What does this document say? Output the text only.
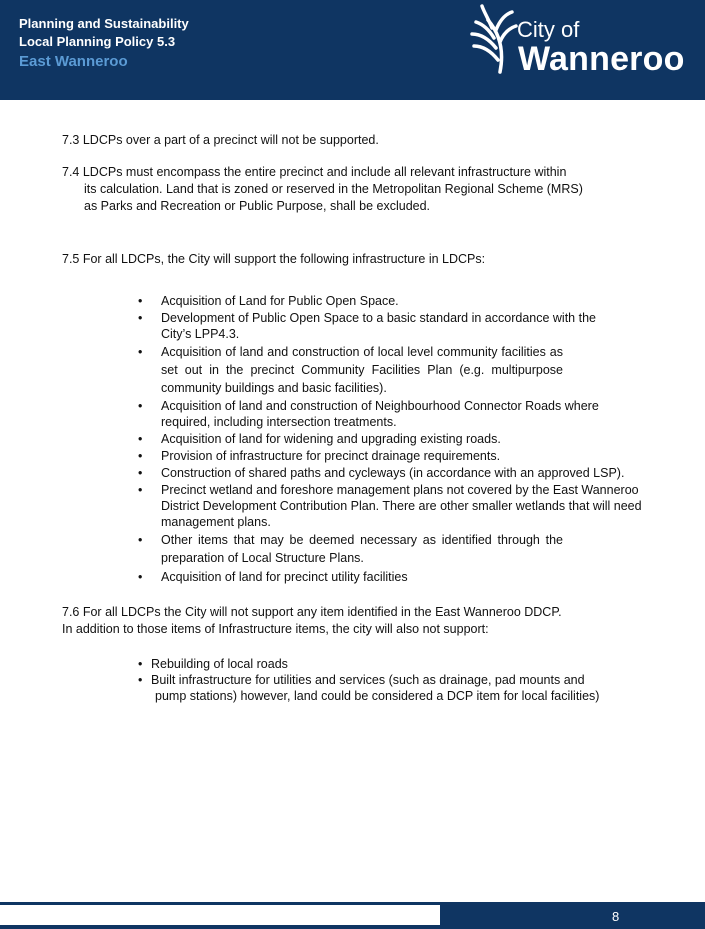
Planning and Sustainability
Local Planning Policy 5.3
East Wanneroo
City of
Wanneroo
7.3 LDCPs over a part of a precinct will not be supported.
7.4 LDCPs must encompass the entire precinct and include all relevant infrastructure within
its calculation. Land that is zoned or reserved in the Metropolitan Regional Scheme (MRS)
as Parks and Recreation or Public Purpose, shall be excluded.
7.5 For all LDCPs, the City will support the following infrastructure in LDCPs:
• Acquisition of Land for Public Open Space.
• Development of Public Open Space to a basic standard in accordance with the City’s LPP4.3.
• Acquisition of land and construction of local level community facilities as set out in the precinct Community Facilities Plan (e.g. multipurpose community buildings and basic facilities).
• Acquisition of land and construction of Neighbourhood Connector Roads where required, including intersection treatments.
• Acquisition of land for widening and upgrading existing roads.
• Provision of infrastructure for precinct drainage requirements.
• Construction of shared paths and cycleways (in accordance with an approved LSP).
• Precinct wetland and foreshore management plans not covered by the East Wanneroo District Development Contribution Plan. There are other smaller wetlands that will need management plans.
• Other items that may be deemed necessary as identified through the preparation of Local Structure Plans.
• Acquisition of land for precinct utility facilities
7.6 For all LDCPs the City will not support any item identified in the East Wanneroo DDCP.
In addition to those items of Infrastructure items, the city will also not support:
• Rebuilding of local roads
• Built infrastructure for utilities and services (such as drainage, pad mounts and
pump stations) however, land could be considered a DCP item for local facilities)
8
